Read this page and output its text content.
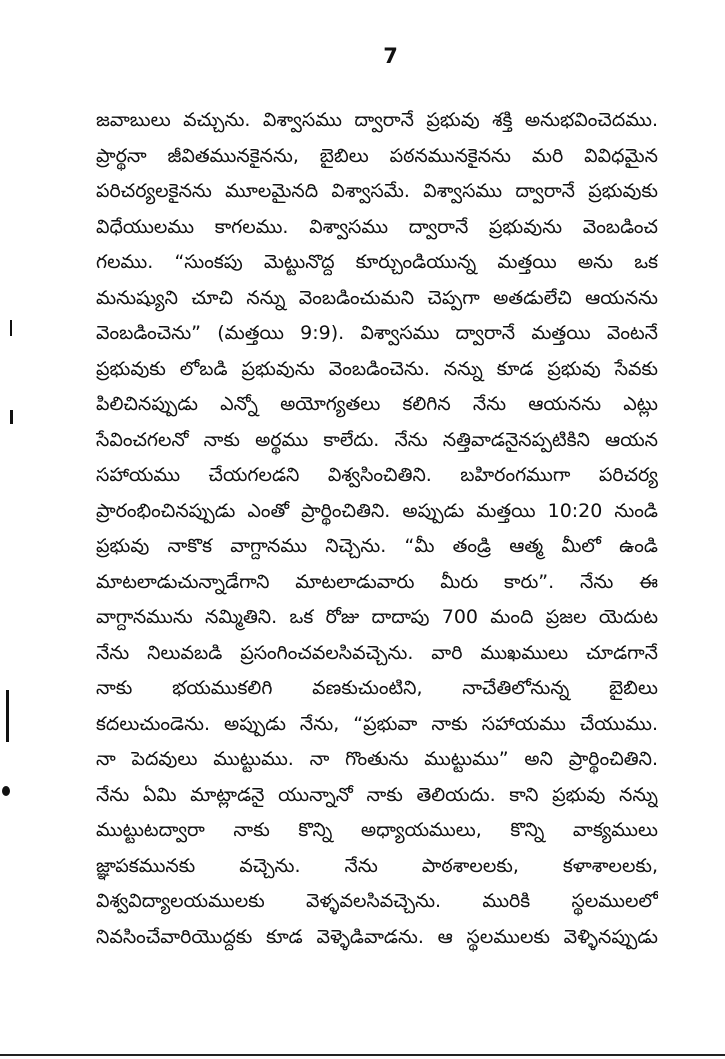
7
జవాబులు వచ్చును. విశ్వాసము ద్వారానే ప్రభువు శక్తి అనుభవించెదము.
ప్రార్థనా జీవితమునకైనను, బైబిలు పఠనమునకైనను మరి వివిధమైన
పరిచర్యలకైనను మూలమైనది విశ్వాసమే. విశ్వాసము ద్వారానే ప్రభువుకు
విధేయులము కాగలము. విశ్వాసము ద్వారానే ప్రభువును వెంబడించ
గలము. “సుంకపు మెట్టునొద్ద కూర్చుండియున్న మత్తయి అను ఒక
మనుష్యుని చూచి నన్ను వెంబడించుమని చెప్పగా అతడులేచి ఆయనను
వెంబడించెను” (మత్తయి 9:9). విశ్వాసము ద్వారానే మత్తయి వెంటనే
ప్రభువుకు లోబడి ప్రభువును వెంబడించెను. నన్ను కూడ ప్రభువు సేవకు
పిలిచినప్పుడు ఎన్నో అయోగ్యతలు కలిగిన నేను ఆయనను ఎట్లు
సేవించగలనో నాకు అర్థము కాలేదు. నేను నత్తివాడనైనప్పటికిని ఆయన
సహాయము చేయగలడని విశ్వసించితిని. బహిరంగముగా పరిచర్య
ప్రారంభించినప్పుడు ఎంతో ప్రార్థించితిని. అప్పుడు మత్తయి 10:20 నుండి
ప్రభువు నాకొక వాగ్దానము నిచ్చెను. “మీ తండ్రి ఆత్మ మీలో ఉండి
మాటలాడుచున్నాడేగాని మాటలాడువారు మీరు కారు”. నేను ఈ
వాగ్దానమును నమ్మితిని. ఒక రోజు దాదాపు 700 మంది ప్రజల యెదుట
నేను నిలువబడి ప్రసంగించవలసివచ్చెను. వారి ముఖములు చూడగానే
నాకు భయముకలిగి వణకుచుంటిని, నాచేతిలోనున్న బైబిలు
కదలుచుండెను. అప్పుడు నేను, “ప్రభువా నాకు సహాయము చేయుము.
నా పెదవులు ముట్టుము. నా గొంతును ముట్టుము” అని ప్రార్థించితిని.
నేను ఏమి మాట్లాడనై యున్నానో నాకు తెలియదు. కాని ప్రభువు నన్ను
ముట్టుటద్వారా నాకు కొన్ని అధ్యాయములు, కొన్ని వాక్యములు
జ్ఞాపకమునకు వచ్చెను. నేను పాఠశాలలకు, కళాశాలలకు,
విశ్వవిద్యాలయములకు వెళ్ళవలసివచ్చెను. మురికి స్థలములలో
నివసించేవారియొద్దకు కూడ వెళ్ళెడివాడను. ఆ స్థలములకు వెళ్ళినప్పుడు
